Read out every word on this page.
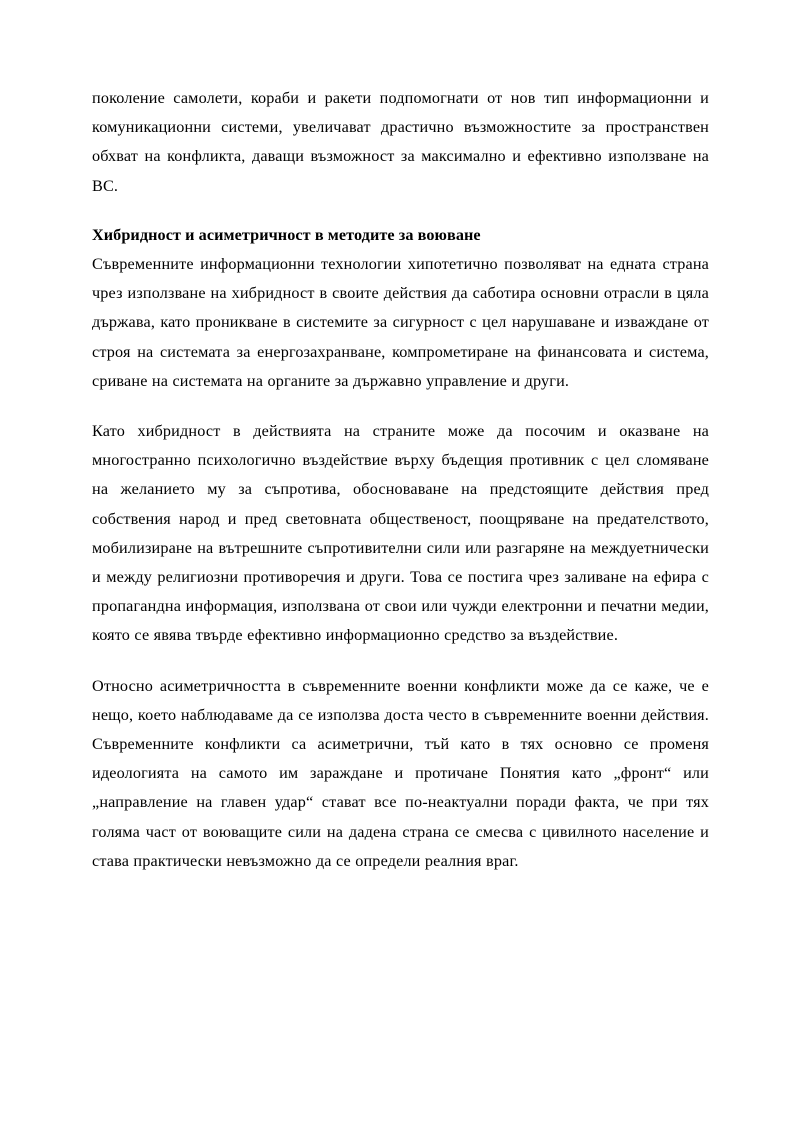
поколение самолети, кораби и ракети подпомогнати от нов тип информационни и комуникационни системи, увеличават драстично възможностите за пространствен обхват на конфликта, даващи възможност за максимално и ефективно използване на ВС.

Хибридност и асиметричност в методите за воюване

Съвременните информационни технологии хипотетично позволяват на едната страна чрез използване на хибридност в своите действия да саботира основни отрасли в цяла държава, като проникване в системите за сигурност с цел нарушаване и изваждане от строя на системата за енергозахранване, компрометиране на финансовата и система, сриване на системата на органите за държавно управление и други.

Като хибридност в действията на страните може да посочим и оказване на многостранно психологично въздействие върху бъдещия противник с цел сломяване на желанието му за съпротива, обосноваване на предстоящите действия пред собствения народ и пред световната общественост, поощряване на предателството, мобилизиране на вътрешните съпротивителни сили или разгаряне на междуетнически и между религиозни противоречия и други. Това се постига чрез заливане на ефира с пропагандна информация, използвана от свои или чужди електронни и печатни медии, която се явява твърде ефективно информационно средство за въздействие.

Относно асиметричността в съвременните военни конфликти може да се каже, че е нещо, което наблюдаваме да се използва доста често в съвременните военни действия. Съвременните конфликти са асиметрични, тъй като в тях основно се променя идеологията на самото им зараждане и протичане Понятия като „фронт“ или „направление на главен удар“ стават все по-неактуални поради факта, че при тях голяма част от воюващите сили на дадена страна се смесва с цивилното население и става практически невъзможно да се определи реалния враг.
